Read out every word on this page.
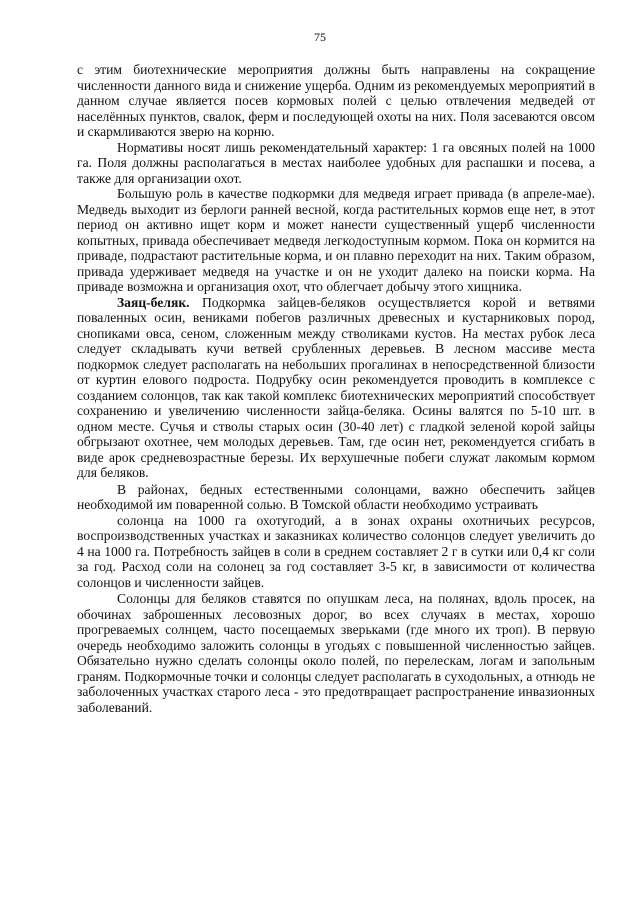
75

с этим биотехнические мероприятия должны быть направлены на сокращение численности данного вида и снижение ущерба. Одним из рекомендуемых мероприятий в данном случае является посев кормовых полей с целью отвлечения медведей от населённых пунктов, свалок, ферм и последующей охоты на них. Поля засеваются овсом и скармливаются зверю на корню.

Нормативы носят лишь рекомендательный характер: 1 га овсяных полей на 1000 га. Поля должны располагаться в местах наиболее удобных для распашки и посева, а также для организации охот.

Большую роль в качестве подкормки для медведя играет привада (в апреле-мае). Медведь выходит из берлоги ранней весной, когда растительных кормов еще нет, в этот период он активно ищет корм и может нанести существенный ущерб численности копытных, привада обеспечивает медведя легкодоступным кормом. Пока он кормится на приваде, подрастают растительные корма, и он плавно переходит на них. Таким образом, привада удерживает медведя на участке и он не уходит далеко на поиски корма. На приваде возможна и организация охот, что облегчает добычу этого хищника.

Заяц-беляк. Подкормка зайцев-беляков осуществляется корой и ветвями поваленных осин, вениками побегов различных древесных и кустарниковых пород, снопиками овса, сеном, сложенным между стволиками кустов. На местах рубок леса следует складывать кучи ветвей срубленных деревьев. В лесном массиве места подкормок следует располагать на небольших прогалинах в непосредственной близости от куртин елового подроста. Подрубку осин рекомендуется проводить в комплексе с созданием солонцов, так как такой комплекс биотехнических мероприятий способствует сохранению и увеличению численности зайца-беляка. Осины валятся по 5-10 шт. в одном месте. Сучья и стволы старых осин (30-40 лет) с гладкой зеленой корой зайцы обгрызают охотнее, чем молодых деревьев. Там, где осин нет, рекомендуется сгибать в виде арок средневозрастные березы. Их верхушечные побеги служат лакомым кормом для беляков.

В районах, бедных естественными солонцами, важно обеспечить зайцев необходимой им поваренной солью. В Томской области необходимо устраивать

солонца на 1000 га охотугодий, а в зонах охраны охотничьих ресурсов, воспроизводственных участках и заказниках количество солонцов следует увеличить до 4 на 1000 га. Потребность зайцев в соли в среднем составляет 2 г в сутки или 0,4 кг соли за год. Расход соли на солонец за год составляет 3-5 кг, в зависимости от количества солонцов и численности зайцев.

Солонцы для беляков ставятся по опушкам леса, на полянах, вдоль просек, на обочинах заброшенных лесовозных дорог, во всех случаях в местах, хорошо прогреваемых солнцем, часто посещаемых зверьками (где много их троп). В первую очередь необходимо заложить солонцы в угодьях с повышенной численностью зайцев. Обязательно нужно сделать солонцы около полей, по перелескам, логам и запольным граням. Подкормочные точки и солонцы следует располагать в суходольных, а отнюдь не заболоченных участках старого леса - это предотвращает распространение инвазионных заболеваний.
